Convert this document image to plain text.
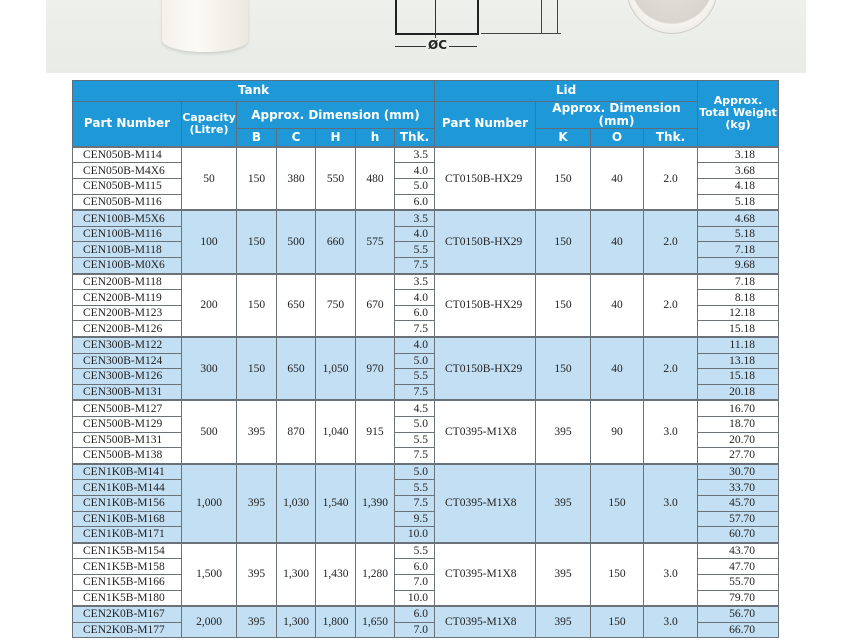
ØC
Tank							Lid				Approx.
Total Weight
(kg)
Part Number	Capacity
(Litre)	Approx. Dimension (mm)					Part Number	Approx. Dimension (mm)			
		B	C	H	h	Thk.		K	O	Thk.	
CEN050B-M114	50	150	380	550	480	3.5	CT0150B-HX29	150	40	2.0	3.18
CEN050B-M4X6						4.0					3.68
CEN050B-M115						5.0					4.18
CEN050B-M116						6.0					5.18
CEN100B-M5X6	100	150	500	660	575	3.5	CT0150B-HX29	150	40	2.0	4.68
CEN100B-M116						4.0					5.18
CEN100B-M118						5.5					7.18
CEN100B-M0X6						7.5					9.68
CEN200B-M118	200	150	650	750	670	3.5	CT0150B-HX29	150	40	2.0	7.18
CEN200B-M119						4.0					8.18
CEN200B-M123						6.0					12.18
CEN200B-M126						7.5					15.18
CEN300B-M122	300	150	650	1,050	970	4.0	CT0150B-HX29	150	40	2.0	11.18
CEN300B-M124						5.0					13.18
CEN300B-M126						5.5					15.18
CEN300B-M131						7.5					20.18
CEN500B-M127	500	395	870	1,040	915	4.5	CT0395-M1X8	395	90	3.0	16.70
CEN500B-M129						5.0					18.70
CEN500B-M131						5.5					20.70
CEN500B-M138						7.5					27.70
CEN1K0B-M141	1,000	395	1,030	1,540	1,390	5.0	CT0395-M1X8	395	150	3.0	30.70
CEN1K0B-M144						5.5					33.70
CEN1K0B-M156						7.5					45.70
CEN1K0B-M168						9.5					57.70
CEN1K0B-M171						10.0					60.70
CEN1K5B-M154	1,500	395	1,300	1,430	1,280	5.5	CT0395-M1X8	395	150	3.0	43.70
CEN1K5B-M158						6.0					47.70
CEN1K5B-M166						7.0					55.70
CEN1K5B-M180						10.0					79.70
CEN2K0B-M167	2,000	395	1,300	1,800	1,650	6.0	CT0395-M1X8	395	150	3.0	56.70
CEN2K0B-M177						7.0					66.70
